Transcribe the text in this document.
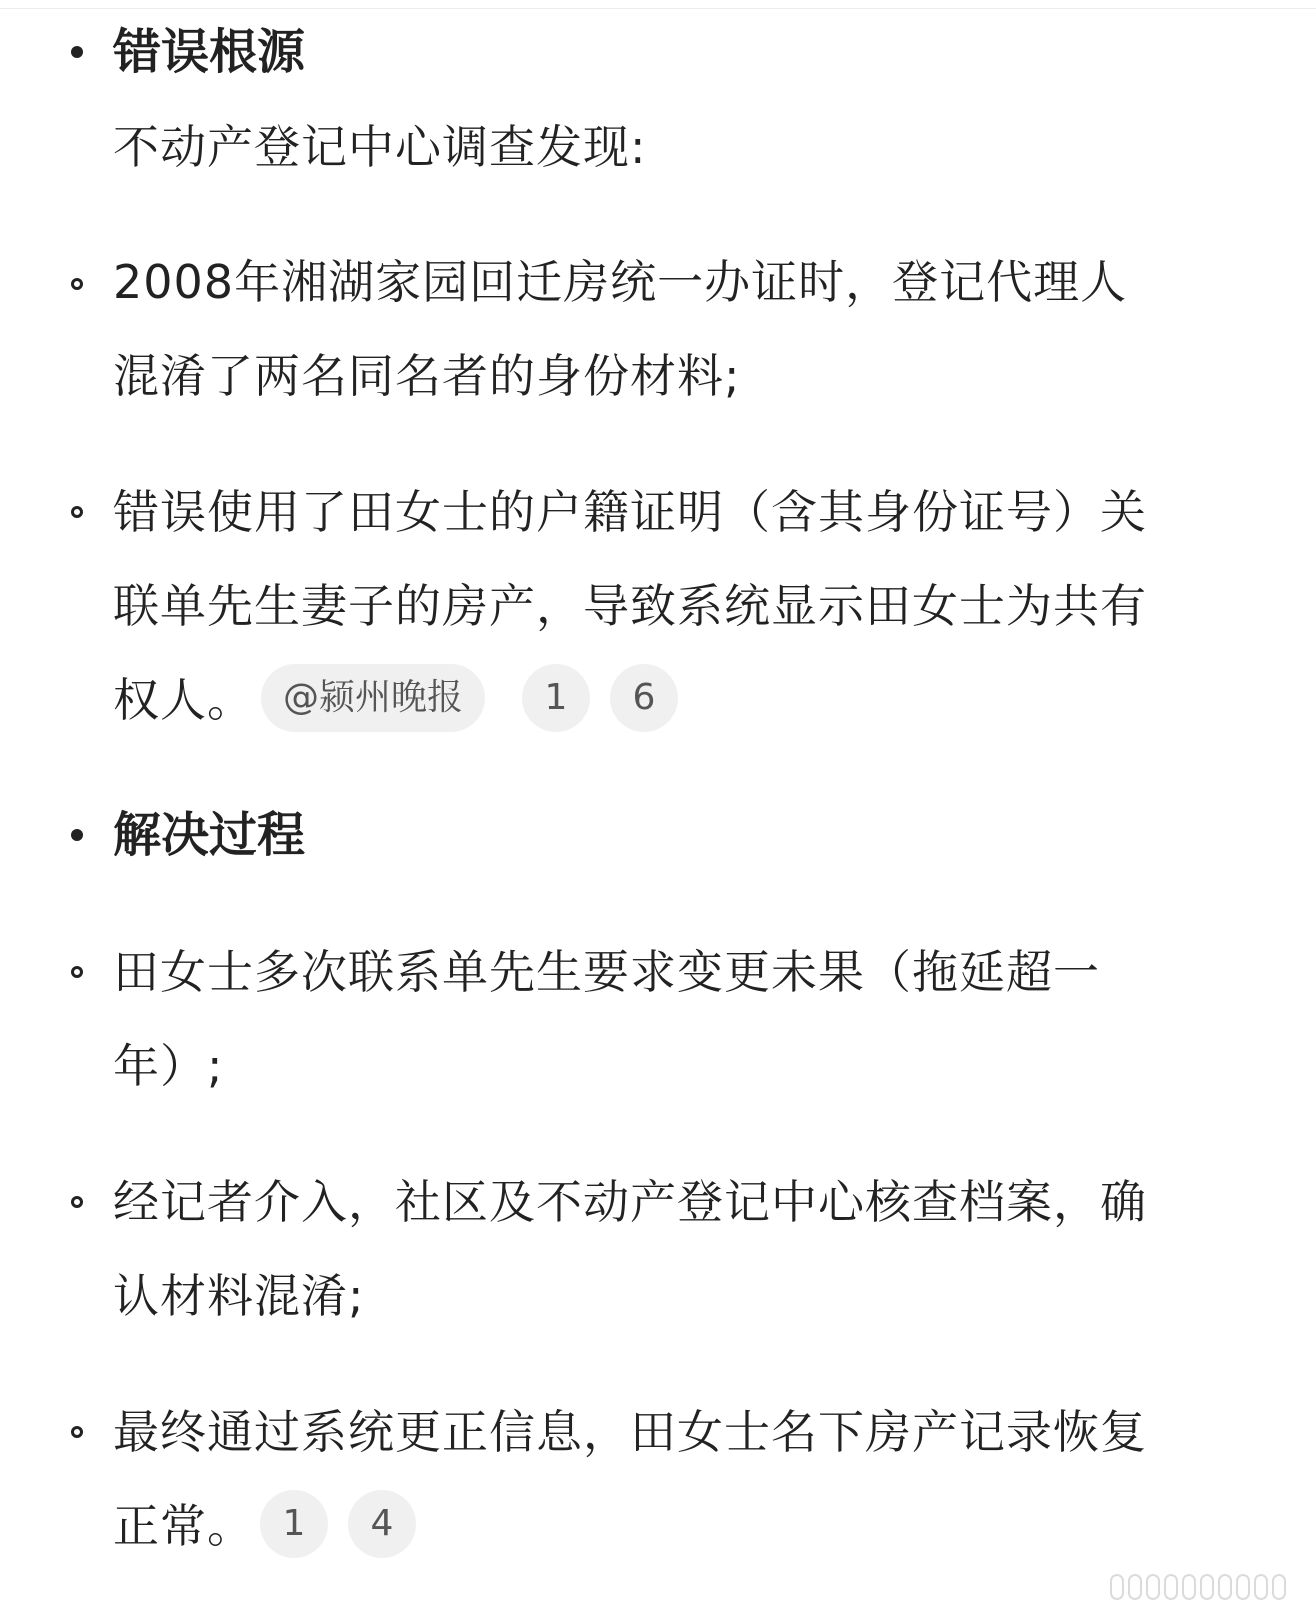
错误根源
不动产登记中心调查发现:
2008年湘湖家园回迁房统一办证时，登记代理人
混淆了两名同名者的身份材料;
错误使用了田女士的户籍证明（含其身份证号）关
联单先生妻子的房产，导致系统显示田女士为共有
权人。 @颍州晚报	1	6
解决过程
田女士多次联系单先生要求变更未果（拖延超一
年）;
经记者介入，社区及不动产登记中心核查档案，确
认材料混淆;
最终通过系统更正信息，田女士名下房产记录恢复
正常。 1	4
